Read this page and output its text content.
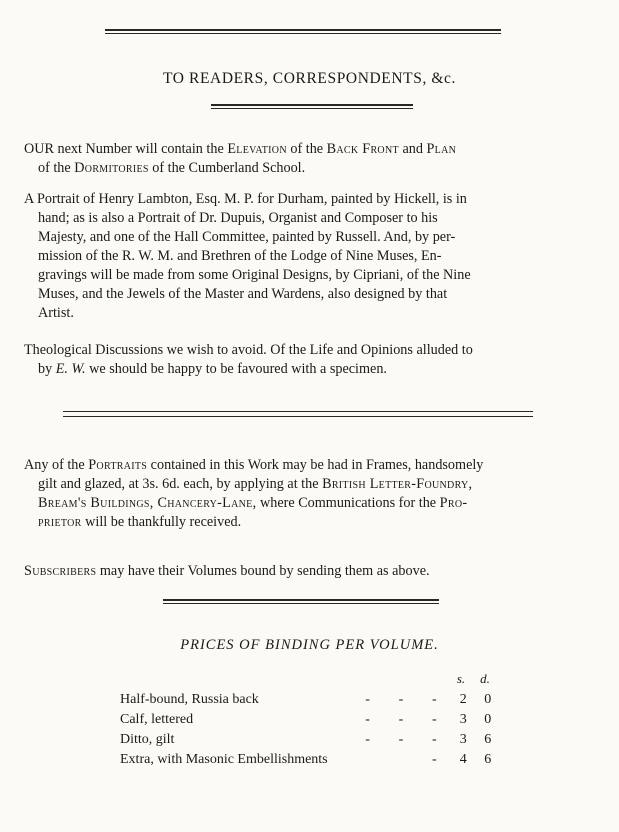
TO READERS, CORRESPONDENTS, &c.
OUR next Number will contain the Elevation of the Back Front and Plan
of the Dormitories of the Cumberland School.
A Portrait of Henry Lambton, Esq. M. P. for Durham, painted by Hickell, is in
hand; as is also a Portrait of Dr. Dupuis, Organist and Composer to his
Majesty, and one of the Hall Committee, painted by Russell. And, by per-
mission of the R. W. M. and Brethren of the Lodge of Nine Muses, En-
gravings will be made from some Original Designs, by Cipriani, of the Nine
Muses, and the Jewels of the Master and Wardens, also designed by that
Artist.
Theological Discussions we wish to avoid. Of the Life and Opinions alluded to
by E. W. we should be happy to be favoured with a specimen.
Any of the Portraits contained in this Work may be had in Frames, handsomely
gilt and glazed, at 3s. 6d. each, by applying at the British Letter-Foundry,
Bream's Buildings, Chancery-Lane, where Communications for the Pro-
prietor will be thankfully received.
Subscribers may have their Volumes bound by sending them as above.
PRICES OF BINDING PER VOLUME.
s. d.
Half-bound, Russia back	-	-	-	2	0
Calf, lettered	-	-	-	3	0
Ditto, gilt	-	-	-	3	6
Extra, with Masonic Embellishments			-	4	6
